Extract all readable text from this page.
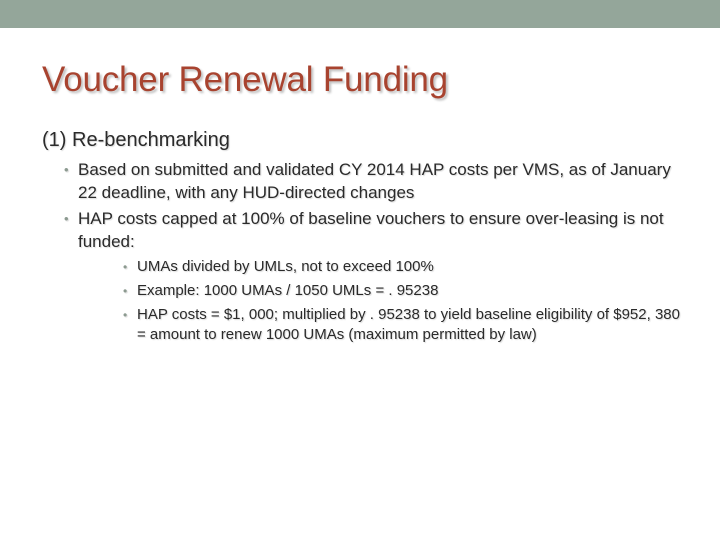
Voucher Renewal Funding
(1) Re-benchmarking
• Based on submitted and validated CY 2014 HAP costs per VMS, as of January 22 deadline, with any HUD-directed changes
• HAP costs capped at 100% of baseline vouchers to ensure over-leasing is not funded:
• UMAs divided by UMLs, not to exceed 100%
• Example: 1000 UMAs / 1050 UMLs = . 95238
• HAP costs = $1, 000; multiplied by . 95238 to yield baseline eligibility of $952, 380 = amount to renew 1000 UMAs (maximum permitted by law)
